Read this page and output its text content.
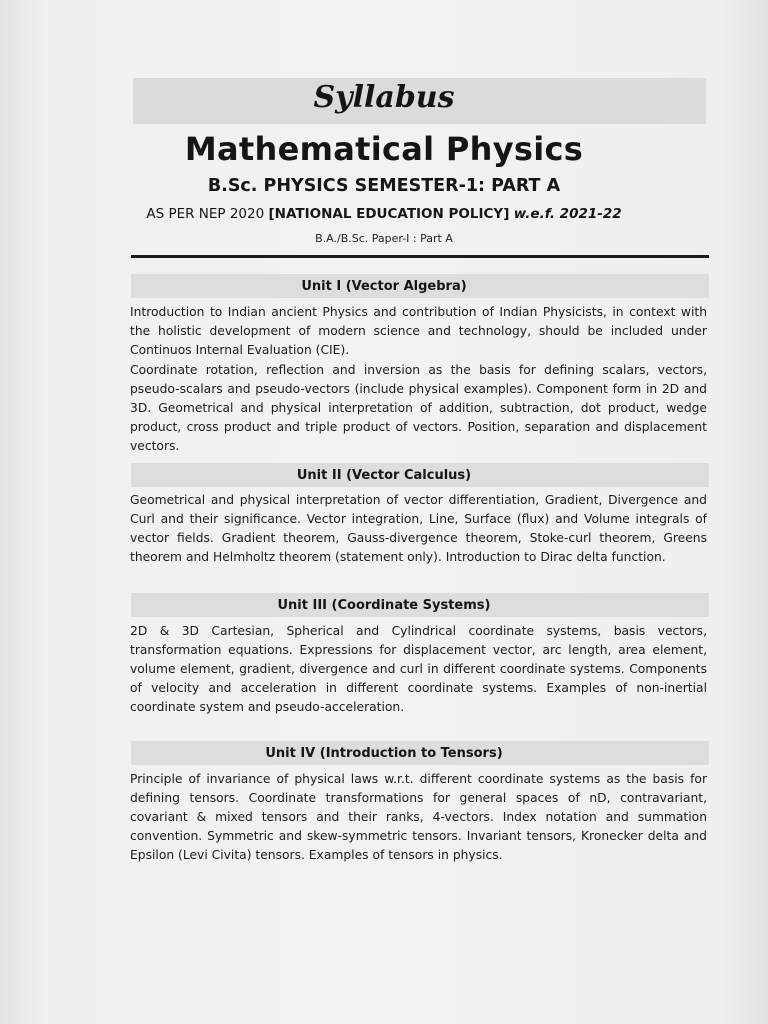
Syllabus
Mathematical Physics
B.Sc. PHYSICS SEMESTER-1: PART A
AS PER NEP 2020 [NATIONAL EDUCATION POLICY] w.e.f. 2021-22
B.A./B.Sc. Paper-I : Part A
Unit I (Vector Algebra)

Introduction to Indian ancient Physics and contribution of Indian Physicists, in context with the holistic development of modern science and technology, should be included under Continuos Internal Evaluation (CIE).

Coordinate rotation, reflection and inversion as the basis for defining scalars, vectors, pseudo-scalars and pseudo-vectors (include physical examples). Component form in 2D and 3D. Geometrical and physical interpretation of addition, subtraction, dot product, wedge product, cross product and triple product of vectors. Position, separation and displacement vectors.

Unit II (Vector Calculus)

Geometrical and physical interpretation of vector differentiation, Gradient, Divergence and Curl and their significance. Vector integration, Line, Surface (flux) and Volume integrals of vector fields. Gradient theorem, Gauss-divergence theorem, Stoke-curl theorem, Greens theorem and Helmholtz theorem (statement only). Introduction to Dirac delta function.

Unit III (Coordinate Systems)

2D & 3D Cartesian, Spherical and Cylindrical coordinate systems, basis vectors, transformation equations. Expressions for displacement vector, arc length, area element, volume element, gradient, divergence and curl in different coordinate systems. Components of velocity and acceleration in different coordinate systems. Examples of non-inertial coordinate system and pseudo-acceleration.

Unit IV (Introduction to Tensors)

Principle of invariance of physical laws w.r.t. different coordinate systems as the basis for defining tensors. Coordinate transformations for general spaces of nD, contravariant, covariant & mixed tensors and their ranks, 4-vectors. Index notation and summation convention. Symmetric and skew-symmetric tensors. Invariant tensors, Kronecker delta and Epsilon (Levi Civita) tensors. Examples of tensors in physics.
